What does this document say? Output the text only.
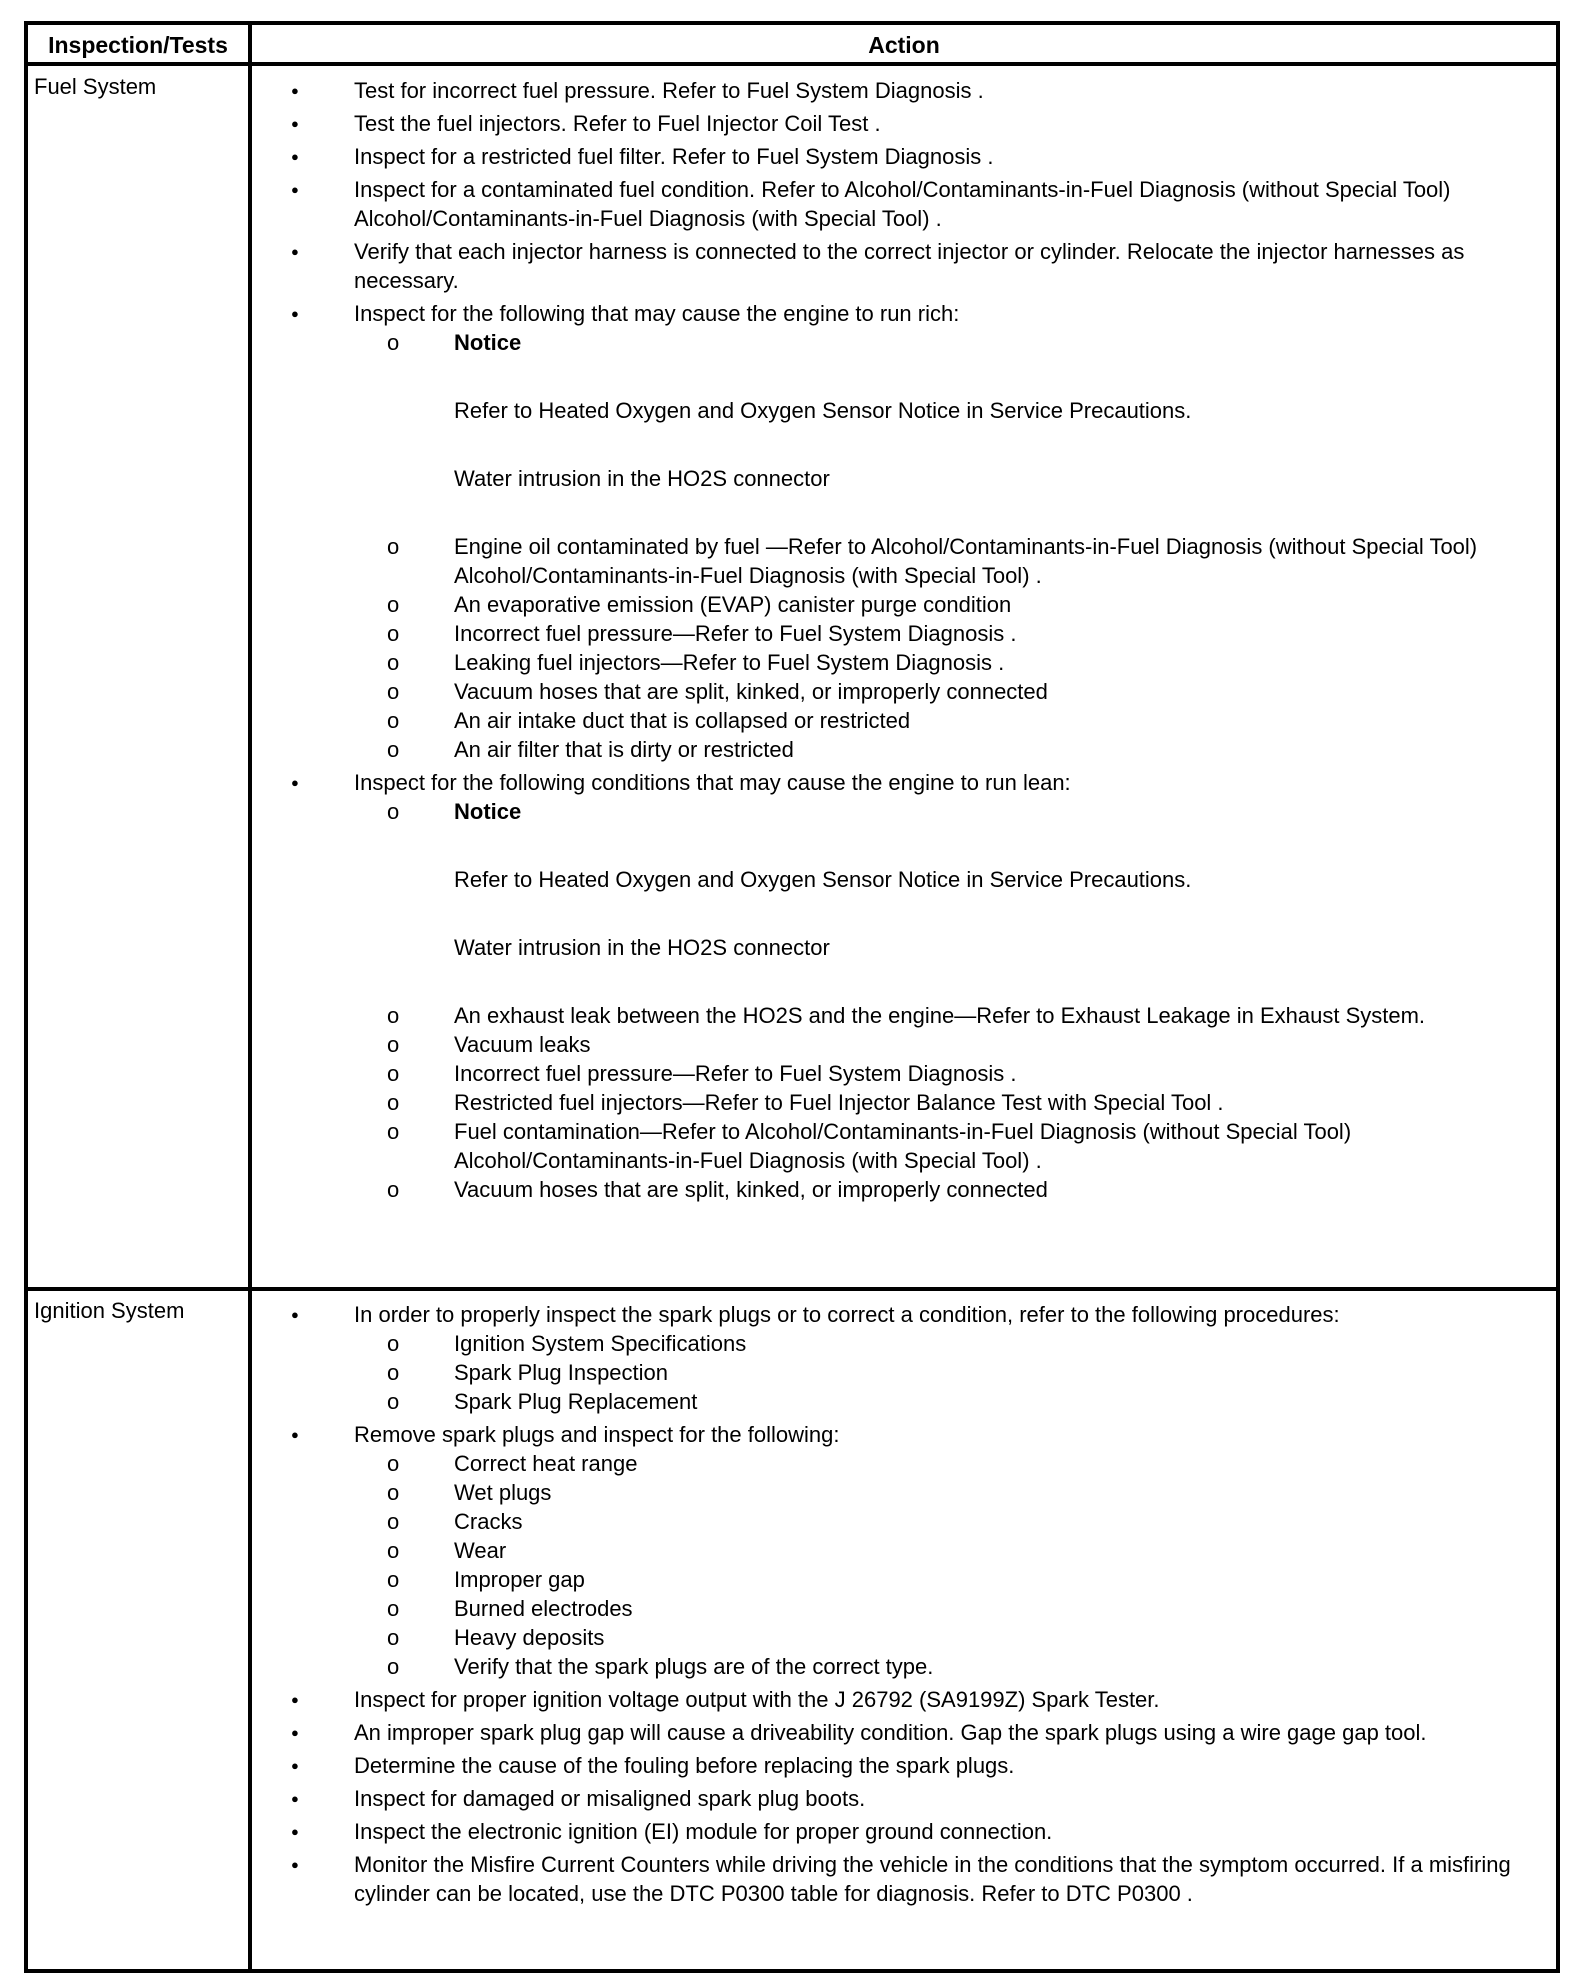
Inspection/Tests	Action
Fuel System	● Test for incorrect fuel pressure. Refer to Fuel System Diagnosis .
● Test the fuel injectors. Refer to Fuel Injector Coil Test .
● Inspect for a restricted fuel filter. Refer to Fuel System Diagnosis .
● Inspect for a contaminated fuel condition. Refer to Alcohol/Contaminants-in-Fuel Diagnosis (without Special Tool) Alcohol/Contaminants-in-Fuel Diagnosis (with Special Tool) .
● Verify that each injector harness is connected to the correct injector or cylinder. Relocate the injector harnesses as necessary.
● Inspect for the following that may cause the engine to run rich:
o Notice
Refer to Heated Oxygen and Oxygen Sensor Notice in Service Precautions.
Water intrusion in the HO2S connector
o Engine oil contaminated by fuel —Refer to Alcohol/Contaminants-in-Fuel Diagnosis (without Special Tool) Alcohol/Contaminants-in-Fuel Diagnosis (with Special Tool) .
o An evaporative emission (EVAP) canister purge condition
o Incorrect fuel pressure—Refer to Fuel System Diagnosis .
o Leaking fuel injectors—Refer to Fuel System Diagnosis .
o Vacuum hoses that are split, kinked, or improperly connected
o An air intake duct that is collapsed or restricted
o An air filter that is dirty or restricted
● Inspect for the following conditions that may cause the engine to run lean:
o Notice
Refer to Heated Oxygen and Oxygen Sensor Notice in Service Precautions.
Water intrusion in the HO2S connector
o An exhaust leak between the HO2S and the engine—Refer to Exhaust Leakage in Exhaust System.
o Vacuum leaks
o Incorrect fuel pressure—Refer to Fuel System Diagnosis .
o Restricted fuel injectors—Refer to Fuel Injector Balance Test with Special Tool .
o Fuel contamination—Refer to Alcohol/Contaminants-in-Fuel Diagnosis (without Special Tool) Alcohol/Contaminants-in-Fuel Diagnosis (with Special Tool) .
o Vacuum hoses that are split, kinked, or improperly connected
Ignition System	● In order to properly inspect the spark plugs or to correct a condition, refer to the following procedures:
o Ignition System Specifications
o Spark Plug Inspection
o Spark Plug Replacement
● Remove spark plugs and inspect for the following:
o Correct heat range
o Wet plugs
o Cracks
o Wear
o Improper gap
o Burned electrodes
o Heavy deposits
o Verify that the spark plugs are of the correct type.
● Inspect for proper ignition voltage output with the J 26792 (SA9199Z) Spark Tester.
● An improper spark plug gap will cause a driveability condition. Gap the spark plugs using a wire gage gap tool.
● Determine the cause of the fouling before replacing the spark plugs.
● Inspect for damaged or misaligned spark plug boots.
● Inspect the electronic ignition (EI) module for proper ground connection.
● Monitor the Misfire Current Counters while driving the vehicle in the conditions that the symptom occurred. If a misfiring cylinder can be located, use the DTC P0300 table for diagnosis. Refer to DTC P0300 .
